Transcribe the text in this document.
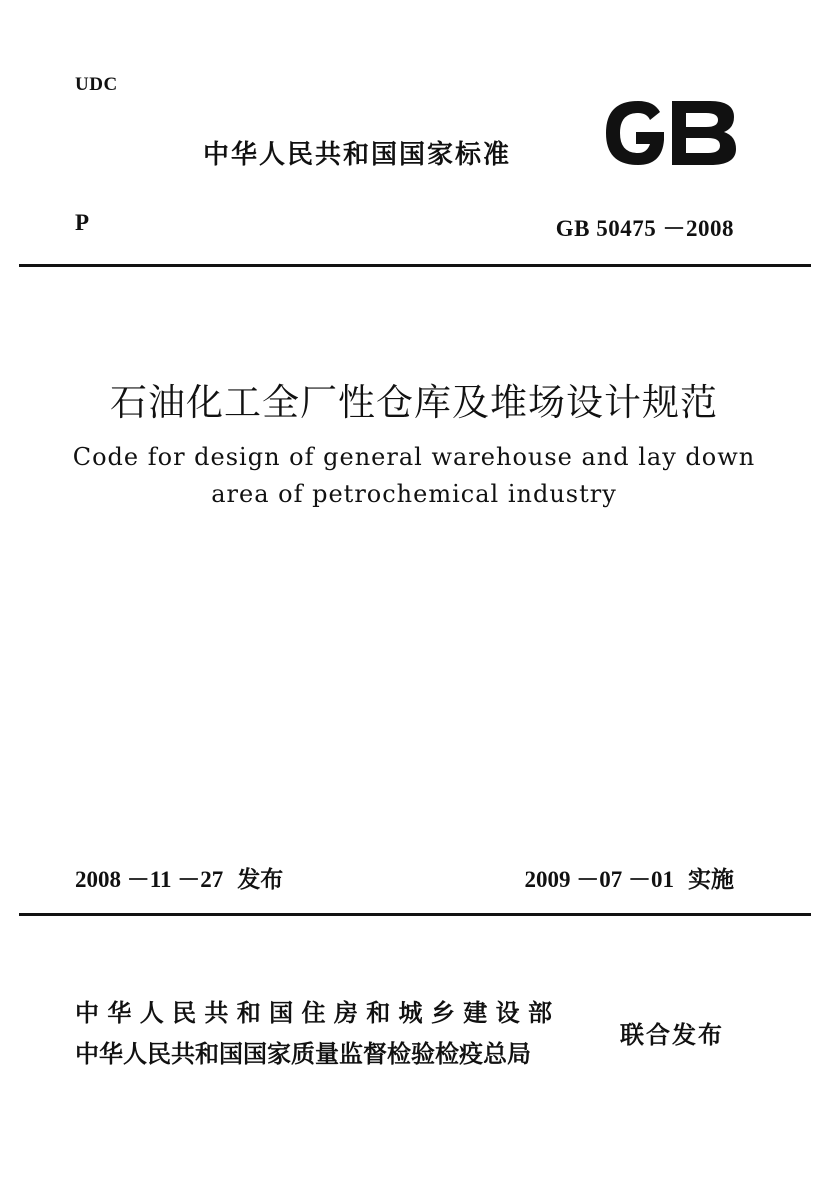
UDC
中华人民共和国国家标准
P	GB 50475 －2008
石油化工全厂性仓库及堆场设计规范
Code for design of general warehouse and lay down
area of petrochemical industry
2008 －11 －27 发布	2009 －07 －01 实施
中 华 人 民 共 和 国 住 房 和 城 乡 建 设 部
中华人民共和国国家质量监督检验检疫总局
联合发布
